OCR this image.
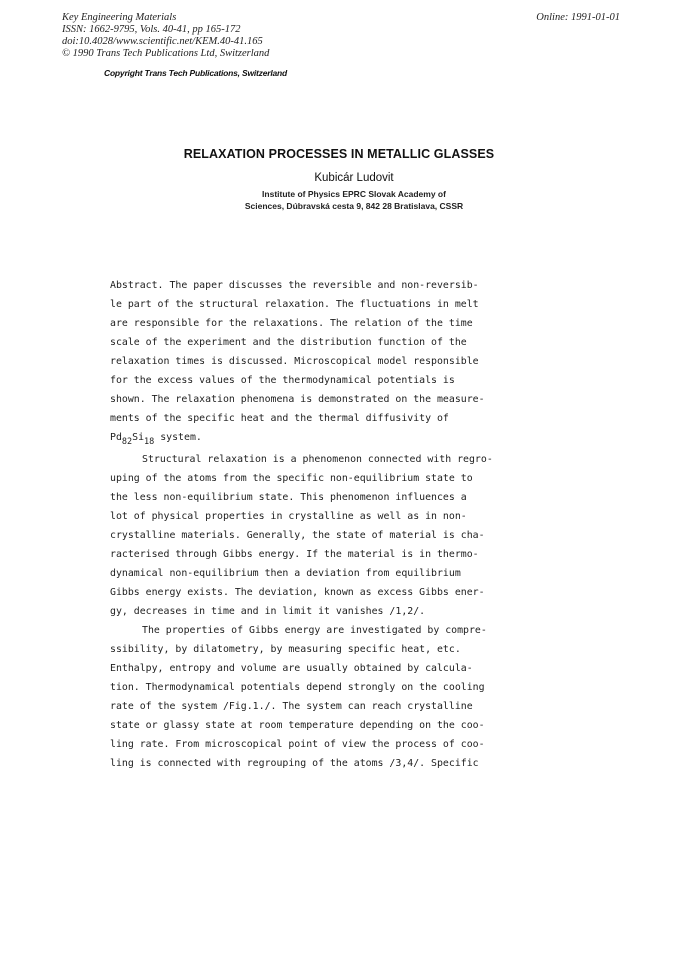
Key Engineering Materials
ISSN: 1662-9795, Vols. 40-41, pp 165-172
doi:10.4028/www.scientific.net/KEM.40-41.165
© 1990 Trans Tech Publications Ltd, Switzerland
Online: 1991-01-01
Copyright Trans Tech Publications, Switzerland
RELAXATION PROCESSES IN METALLIC GLASSES
Kubicár Ludovit
Institute of Physics EPRC Slovak Academy of
Sciences, Dúbravská cesta 9, 842 28 Bratislava, CSSR
Abstract. The paper discusses the reversible and non-reversib-
le part of the structural relaxation. The fluctuations in melt
are responsible for the relaxations. The relation of the time
scale of the experiment and the distribution function of the
relaxation times is discussed. Microscopical model responsible
for the excess values of the thermodynamical potentials is
shown. The relaxation phenomena is demonstrated on the measure-
ments of the specific heat and the thermal diffusivity of
Pd82Si18 system.
Structural relaxation is a phenomenon connected with regro-
uping of the atoms from the specific non-equilibrium state to
the less non-equilibrium state. This phenomenon influences a
lot of physical properties in crystalline as well as in non-
crystalline materials. Generally, the state of material is cha-
racterised through Gibbs energy. If the material is in thermo-
dynamical non-equilibrium then a deviation from equilibrium
Gibbs energy exists. The deviation, known as excess Gibbs ener-
gy, decreases in time and in limit it vanishes /1,2/.
The properties of Gibbs energy are investigated by compre-
ssibility, by dilatometry, by measuring specific heat, etc.
Enthalpy, entropy and volume are usually obtained by calcula-
tion. Thermodynamical potentials depend strongly on the cooling
rate of the system /Fig.1./. The system can reach crystalline
state or glassy state at room temperature depending on the coo-
ling rate. From microscopical point of view the process of coo-
ling is connected with regrouping of the atoms /3,4/. Specific
